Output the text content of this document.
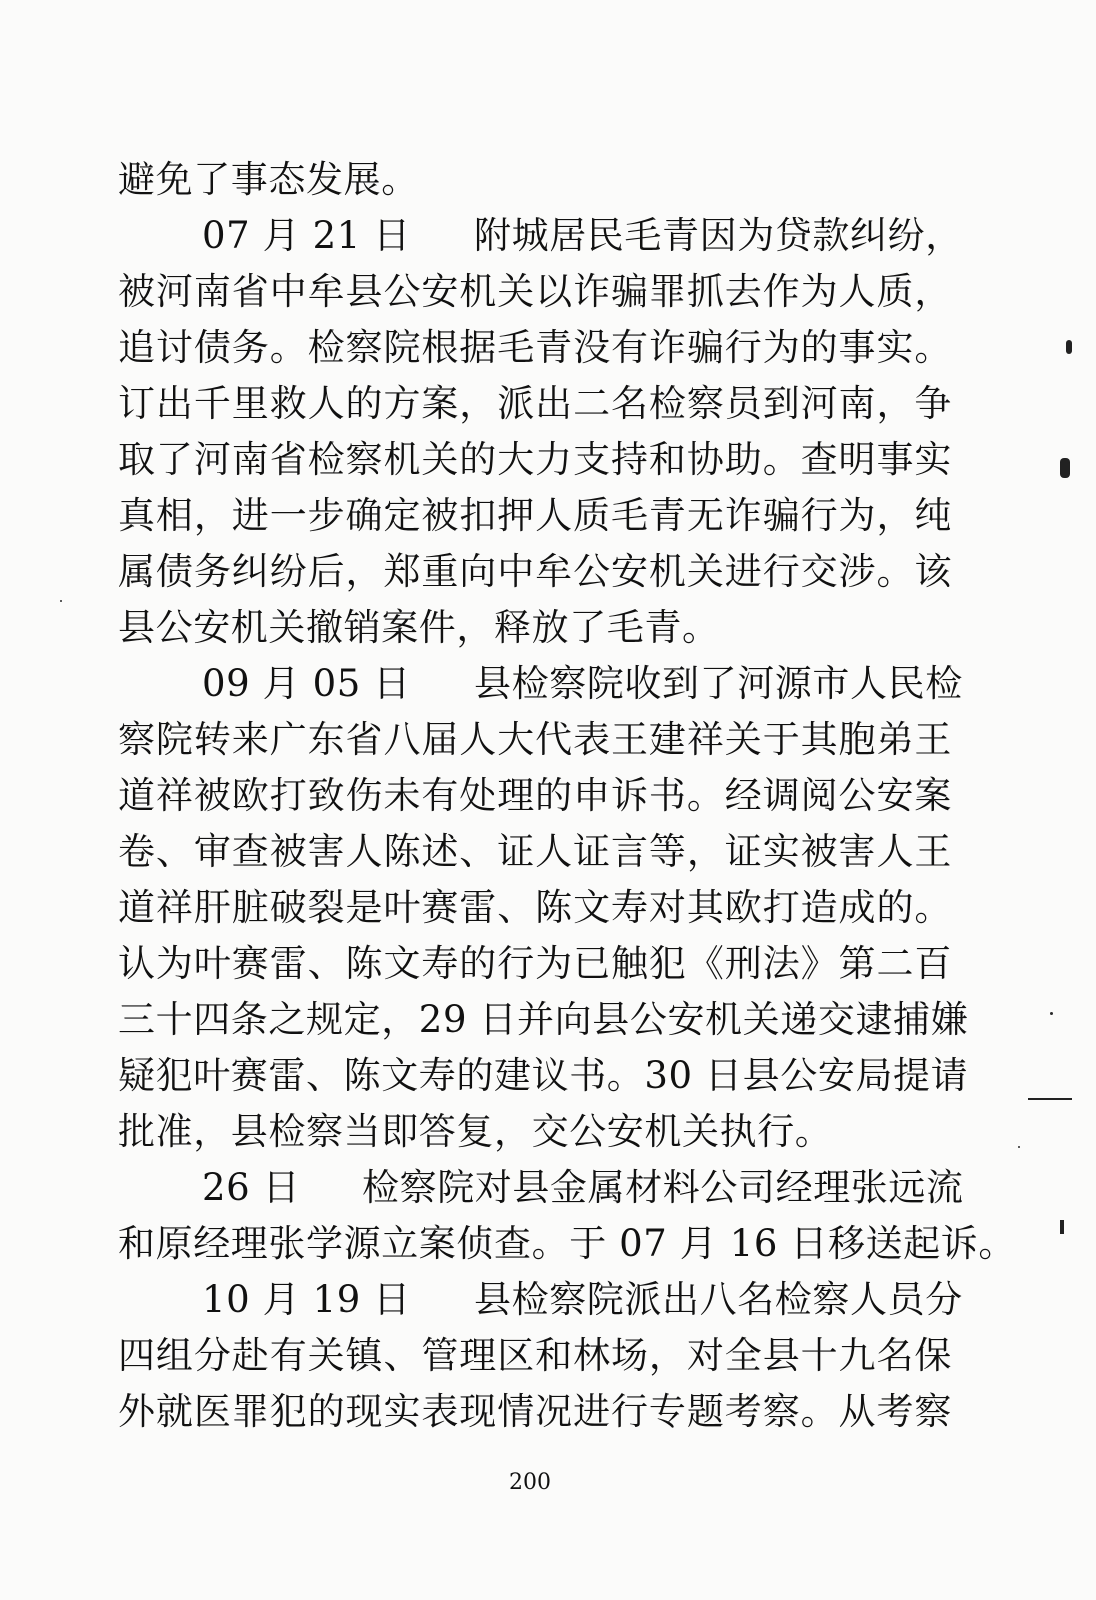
避免了事态发展。
07 月 21 日 附城居民毛青因为贷款纠纷，
被河南省中牟县公安机关以诈骗罪抓去作为人质，
追讨债务。检察院根据毛青没有诈骗行为的事实。
订出千里救人的方案，派出二名检察员到河南，争
取了河南省检察机关的大力支持和协助。查明事实
真相，进一步确定被扣押人质毛青无诈骗行为，纯
属债务纠纷后，郑重向中牟公安机关进行交涉。该
县公安机关撤销案件，释放了毛青。
09 月 05 日 县检察院收到了河源市人民检
察院转来广东省八届人大代表王建祥关于其胞弟王
道祥被欧打致伤未有处理的申诉书。经调阅公安案
卷、审查被害人陈述、证人证言等，证实被害人王
道祥肝脏破裂是叶赛雷、陈文寿对其欧打造成的。
认为叶赛雷、陈文寿的行为已触犯《刑法》第二百
三十四条之规定，29 日并向县公安机关递交逮捕嫌
疑犯叶赛雷、陈文寿的建议书。30 日县公安局提请
批准，县检察当即答复，交公安机关执行。
26 日 检察院对县金属材料公司经理张远流
和原经理张学源立案侦查。于 07 月 16 日移送起诉。
10 月 19 日 县检察院派出八名检察人员分
四组分赴有关镇、管理区和林场，对全县十九名保
外就医罪犯的现实表现情况进行专题考察。从考察
200
